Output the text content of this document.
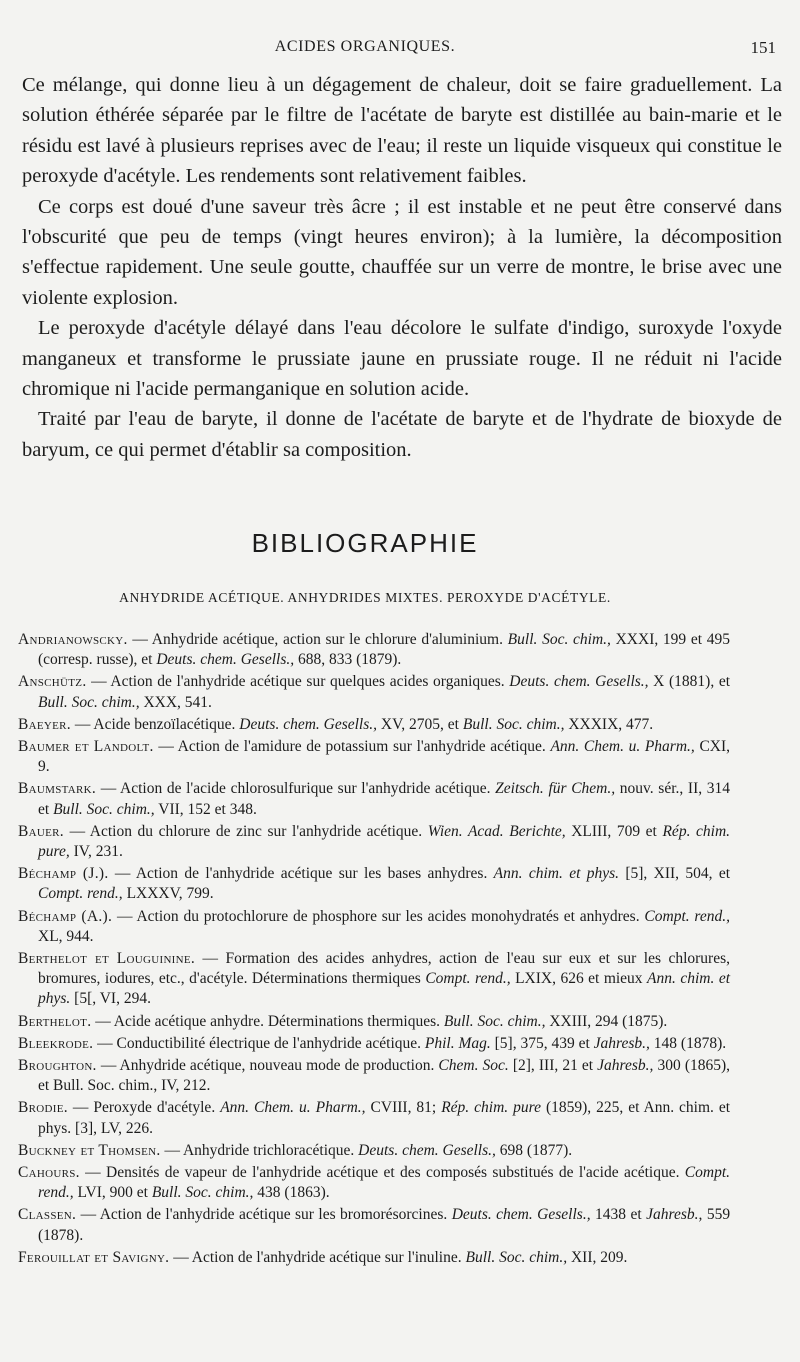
ACIDES ORGANIQUES.	151

Ce mélange, qui donne lieu à un dégagement de chaleur, doit se faire graduellement. La solution éthérée séparée par le filtre de l'acétate de baryte est distillée au bain-marie et le résidu est lavé à plusieurs reprises avec de l'eau; il reste un liquide visqueux qui constitue le peroxyde d'acétyle. Les rendements sont relativement faibles.

Ce corps est doué d'une saveur très âcre ; il est instable et ne peut être conservé dans l'obscurité que peu de temps (vingt heures environ); à la lumière, la décomposition s'effectue rapidement. Une seule goutte, chauffée sur un verre de montre, le brise avec une violente explosion.

Le peroxyde d'acétyle délayé dans l'eau décolore le sulfate d'indigo, suroxyde l'oxyde manganeux et transforme le prussiate jaune en prussiate rouge. Il ne réduit ni l'acide chromique ni l'acide permanganique en solution acide.

Traité par l'eau de baryte, il donne de l'acétate de baryte et de l'hydrate de bioxyde de baryum, ce qui permet d'établir sa composition.

BIBLIOGRAPHIE
ANHYDRIDE ACÉTIQUE. ANHYDRIDES MIXTES. PEROXYDE D'ACÉTYLE.

Andrianowscky. — Anhydride acétique, action sur le chlorure d'aluminium. Bull. Soc. chim., XXXI, 199 et 495 (corresp. russe), et Deuts. chem. Gesells., 688, 833 (1879).

Anschütz. — Action de l'anhydride acétique sur quelques acides organiques. Deuts. chem. Gesells., X (1881), et Bull. Soc. chim., XXX, 541.

Baeyer. — Acide benzoïlacétique. Deuts. chem. Gesells., XV, 2705, et Bull. Soc. chim., XXXIX, 477.

Baumer et Landolt. — Action de l'amidure de potassium sur l'anhydride acétique. Ann. Chem. u. Pharm., CXI, 9.

Baumstark. — Action de l'acide chlorosulfurique sur l'anhydride acétique. Zeitsch. für Chem., nouv. sér., II, 314 et Bull. Soc. chim., VII, 152 et 348.

Bauer. — Action du chlorure de zinc sur l'anhydride acétique. Wien. Acad. Berichte, XLIII, 709 et Rép. chim. pure, IV, 231.

Béchamp (J.). — Action de l'anhydride acétique sur les bases anhydres. Ann. chim. et phys. [5], XII, 504, et Compt. rend., LXXXV, 799.

Béchamp (A.). — Action du protochlorure de phosphore sur les acides monohydratés et anhydres. Compt. rend., XL, 944.

Berthelot et Louguinine. — Formation des acides anhydres, action de l'eau sur eux et sur les chlorures, bromures, iodures, etc., d'acétyle. Déterminations thermiques Compt. rend., LXIX, 626 et mieux Ann. chim. et phys. [5[, VI, 294.

Berthelot. — Acide acétique anhydre. Déterminations thermiques. Bull. Soc. chim., XXIII, 294 (1875).

Bleekrode. — Conductibilité électrique de l'anhydride acétique. Phil. Mag. [5], 375, 439 et Jahresb., 148 (1878).

Broughton. — Anhydride acétique, nouveau mode de production. Chem. Soc. [2], III, 21 et Jahresb., 300 (1865), et Bull. Soc. chim., IV, 212.

Brodie. — Peroxyde d'acétyle. Ann. Chem. u. Pharm., CVIII, 81; Rép. chim. pure (1859), 225, et Ann. chim. et phys. [3], LV, 226.

Buckney et Thomsen. — Anhydride trichloracétique. Deuts. chem. Gesells., 698 (1877).

Cahours. — Densités de vapeur de l'anhydride acétique et des composés substitués de l'acide acétique. Compt. rend., LVI, 900 et Bull. Soc. chim., 438 (1863).

Classen. — Action de l'anhydride acétique sur les bromorésorcines. Deuts. chem. Gesells., 1438 et Jahresb., 559 (1878).

Ferouillat et Savigny. — Action de l'anhydride acétique sur l'inuline. Bull. Soc. chim., XII, 209.
